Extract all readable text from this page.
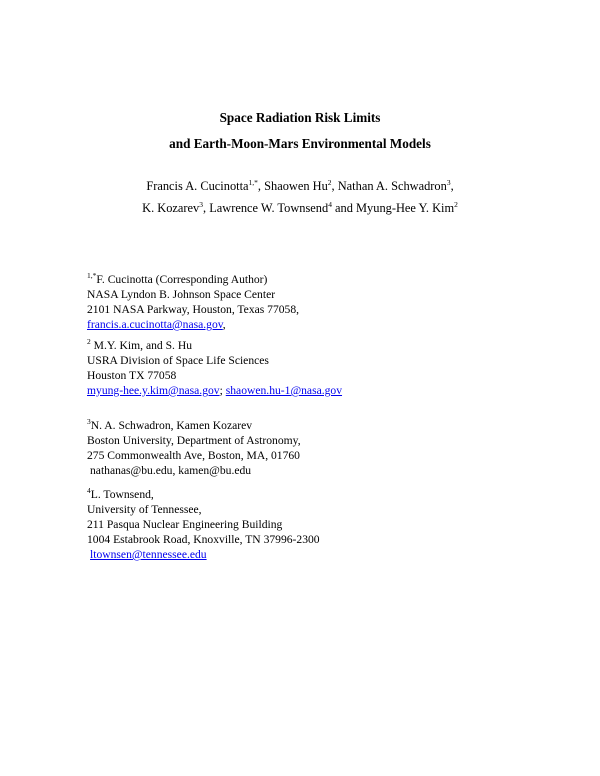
Space Radiation Risk Limits
and Earth-Moon-Mars Environmental Models
Francis A. Cucinotta$^{1,*}$, Shaowen Hu$^2$, Nathan A. Schwadron$^3$,
K. Kozarev$^3$, Lawrence W. Townsend$^4$ and Myung-Hee Y. Kim$^2$
$^{1,*}$F. Cucinotta (Corresponding Author)
NASA Lyndon B. Johnson Space Center
2101 NASA Parkway, Houston, Texas 77058,
francis.a.cucinotta@nasa.gov,
$^2$ M.Y. Kim, and S. Hu
USRA Division of Space Life Sciences
Houston TX 77058
myung-hee.y.kim@nasa.gov; shaowen.hu-1@nasa.gov
$^3$N. A. Schwadron, Kamen Kozarev
Boston University, Department of Astronomy,
275 Commonwealth Ave, Boston, MA, 01760
nathanas@bu.edu, kamen@bu.edu
$^4$L. Townsend,
University of Tennessee,
211 Pasqua Nuclear Engineering Building
1004 Estabrook Road, Knoxville, TN 37996-2300
ltownsen@tennessee.edu
